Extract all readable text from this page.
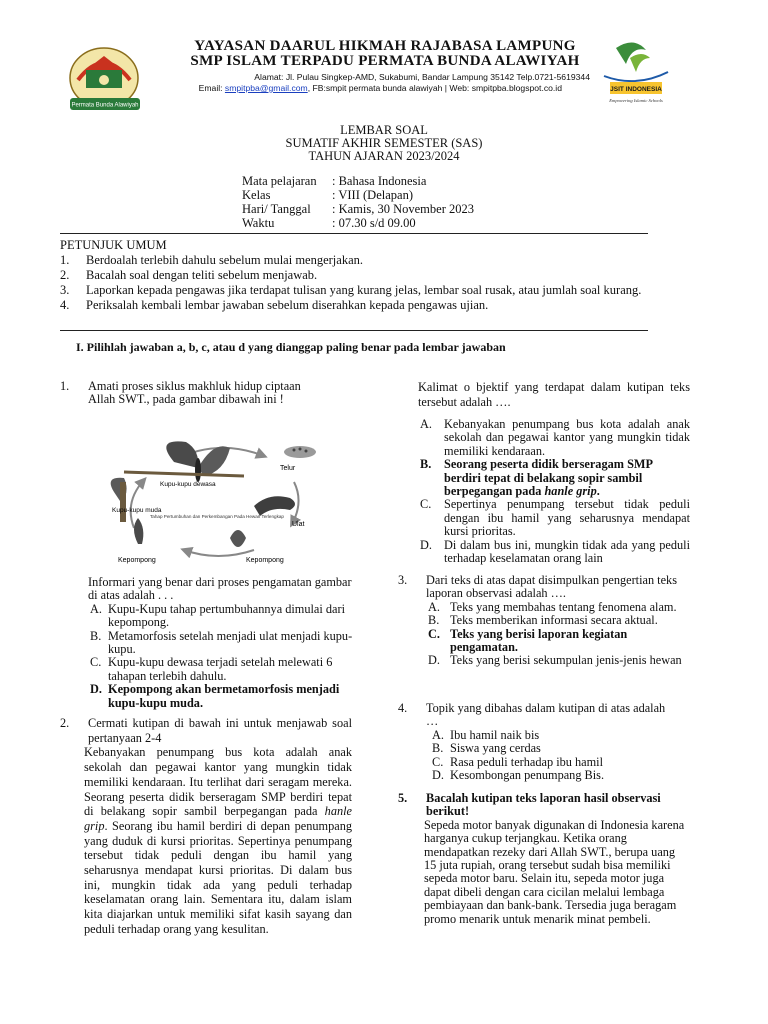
Permata Bunda Alawiyah
YAYASAN DAARUL HIKMAH RAJABASA LAMPUNG
SMP ISLAM TERPADU PERMATA BUNDA ALAWIYAH
Alamat: Jl. Pulau Singkep-AMD, Sukabumi, Bandar Lampung 35142 Telp.0721-5619344
Email: smpitpba@gmail.com, FB:smpit permata bunda alawiyah | Web: smpitpba.blogspot.co.id	JSIT INDONESIA
Empowering Islamic Schools
LEMBAR SOAL
SUMATIF AKHIR SEMESTER (SAS)
TAHUN AJARAN 2023/2024
Mata pelajaran	: Bahasa Indonesia
Kelas	: VIII (Delapan)
Hari/ Tanggal	: Kamis, 30 November 2023
Waktu	: 07.30 s/d 09.00
PETUNJUK UMUM
1.	Berdoalah terlebih dahulu sebelum mulai mengerjakan.
2.	Bacalah soal dengan teliti sebelum menjawab.
3.	Laporkan kepada pengawas jika terdapat tulisan yang kurang jelas, lembar soal rusak, atau jumlah soal kurang.
4.	Periksalah kembali lembar jawaban sebelum diserahkan kepada pengawas ujian.
I. Pilihlah jawaban a, b, c, atau d yang dianggap paling benar pada lembar jawaban
1.	Amati proses siklus makhluk hidup ciptaan Allah SWT., pada gambar dibawah ini !
Telur
Kupu-kupu dewasa
Kupu-kupu muda
Ulat
Kepompong	Kepompong
Tahap Pertumbuhan dan Perkembangan Pada Hewan Terlengkap
Informari yang benar dari proses pengamatan gambar di atas adalah . . .
A. Kupu-Kupu tahap pertumbuhannya dimulai dari kepompong.
B. Metamorfosis setelah menjadi ulat menjadi kupu-kupu.
C. Kupu-kupu dewasa terjadi setelah melewati 6 tahapan terlebih dahulu.
D. Kepompong akan bermetamorfosis menjadi kupu-kupu muda.
2.	Cermati kutipan di bawah ini untuk menjawab soal pertanyaan 2-4
Kebanyakan penumpang bus kota adalah anak sekolah dan pegawai kantor yang mungkin tidak memiliki kendaraan. Itu terlihat dari seragam mereka. Seorang peserta didik berseragam SMP berdiri tepat di belakang sopir sambil berpegangan pada hanle grip. Seorang ibu hamil berdiri di depan penumpang yang duduk di kursi prioritas. Sepertinya penumpang tersebut tidak peduli dengan ibu hamil yang seharusnya mendapat kursi prioritas. Di dalam bus ini, mungkin tidak ada yang peduli terhadap keselamatan orang lain. Sementara itu, dalam islam kita diajarkan untuk memiliki sifat kasih sayang dan peduli terhadap orang yang kesulitan.
Kalimat o bjektif yang terdapat dalam kutipan teks tersebut adalah ….
A. Kebanyakan penumpang bus kota adalah anak sekolah dan pegawai kantor yang mungkin tidak memiliki kendaraan.
B.	Seorang peserta didik berseragam SMP berdiri tepat di belakang sopir sambil berpegangan pada hanle grip.
C.	Sepertinya penumpang tersebut tidak peduli dengan ibu hamil yang seharusnya mendapat kursi prioritas.
D. Di dalam bus ini, mungkin tidak ada yang peduli terhadap keselamatan orang lain
3.	Dari teks di atas dapat disimpulkan pengertian teks laporan observasi adalah ….
A. Teks yang membahas tentang fenomena alam.
B. Teks memberikan informasi secara aktual.
C. Teks yang berisi laporan kegiatan pengamatan.
D. Teks yang berisi sekumpulan jenis-jenis hewan
4.	Topik yang dibahas dalam kutipan di atas adalah …
A. Ibu hamil naik bis
B. Siswa yang cerdas
C. Rasa peduli terhadap ibu hamil
D. Kesombongan penumpang Bis.
5.	Bacalah kutipan teks laporan hasil observasi berikut!
Sepeda motor banyak digunakan di Indonesia karena harganya cukup terjangkau. Ketika orang mendapatkan rezeky dari Allah SWT., berupa uang 15 juta rupiah, orang tersebut sudah bisa memiliki sepeda motor baru. Selain itu, sepeda motor juga dapat dibeli dengan cara cicilan melalui lembaga pembiayaan dan bank-bank. Tersedia juga beragam promo menarik untuk menarik minat pembeli.
